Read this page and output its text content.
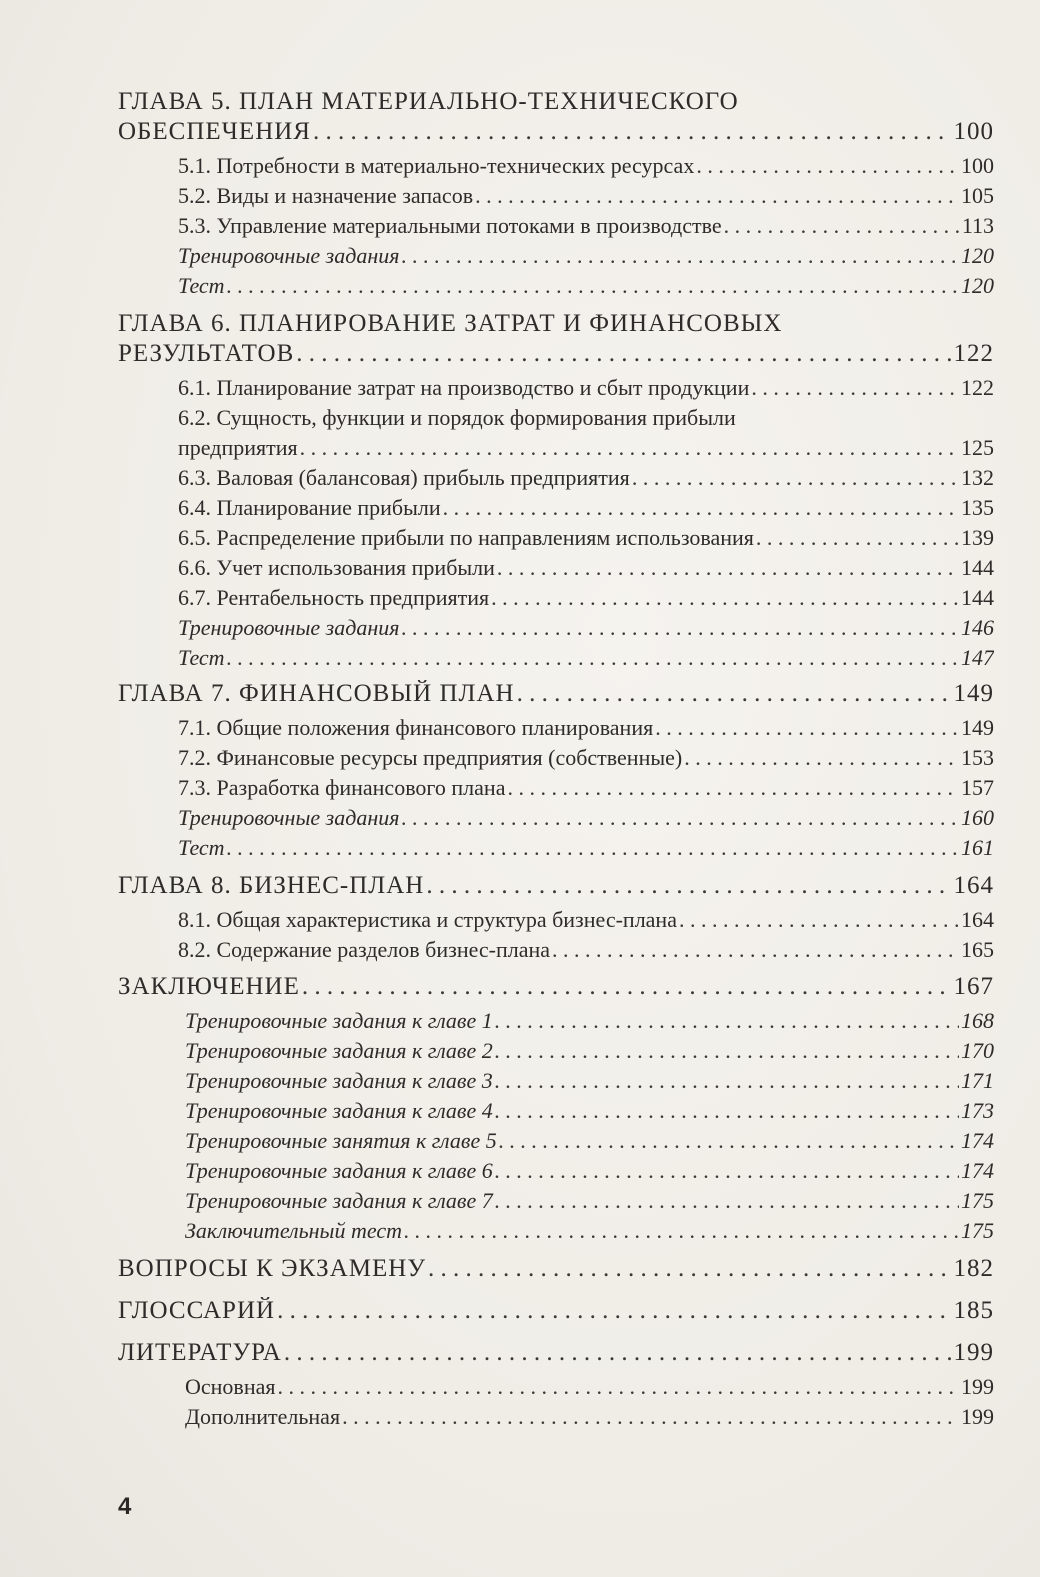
ГЛАВА 5. ПЛАН МАТЕРИАЛЬНО-ТЕХНИЧЕСКОГО
ОБЕСПЕЧЕНИЯ . . .	100
5.1. Потребности в материально-технических ресурсах . . .	100
5.2. Виды и назначение запасов . . .	105
5.3. Управление материальными потоками в производстве . . .	113
Тренировочные задания . . .	120
Тест . . .	120
ГЛАВА 6. ПЛАНИРОВАНИЕ ЗАТРАТ И ФИНАНСОВЫХ
РЕЗУЛЬТАТОВ . . .	122
6.1. Планирование затрат на производство и сбыт продукции . . .	122
6.2. Сущность, функции и порядок формирования прибыли
предприятия . . .	125
6.3. Валовая (балансовая) прибыль предприятия . . .	132
6.4. Планирование прибыли . . .	135
6.5. Распределение прибыли по направлениям использования . . .	139
6.6. Учет использования прибыли . . .	144
6.7. Рентабельность предприятия . . .	144
Тренировочные задания . . .	146
Тест . . .	147
ГЛАВА 7. ФИНАНСОВЫЙ ПЛАН . . .	149
7.1. Общие положения финансового планирования . . .	149
7.2. Финансовые ресурсы предприятия (собственные) . . .	153
7.3. Разработка финансового плана . . .	157
Тренировочные задания . . .	160
Тест . . .	161
ГЛАВА 8. БИЗНЕС-ПЛАН . . .	164
8.1. Общая характеристика и структура бизнес-плана . . .	164
8.2. Содержание разделов бизнес-плана . . .	165
ЗАКЛЮЧЕНИЕ . . .	167
Тренировочные задания к главе 1 . . .	168
Тренировочные задания к главе 2 . . .	170
Тренировочные задания к главе 3 . . .	171
Тренировочные задания к главе 4 . . .	173
Тренировочные занятия к главе 5 . . .	174
Тренировочные задания к главе 6 . . .	174
Тренировочные задания к главе 7 . . .	175
Заключительный тест . . .	175
ВОПРОСЫ К ЭКЗАМЕНУ . . .	182
ГЛОССАРИЙ . . .	185
ЛИТЕРАТУРА . . .	199
Основная . . .	199
Дополнительная . . .	199
4
